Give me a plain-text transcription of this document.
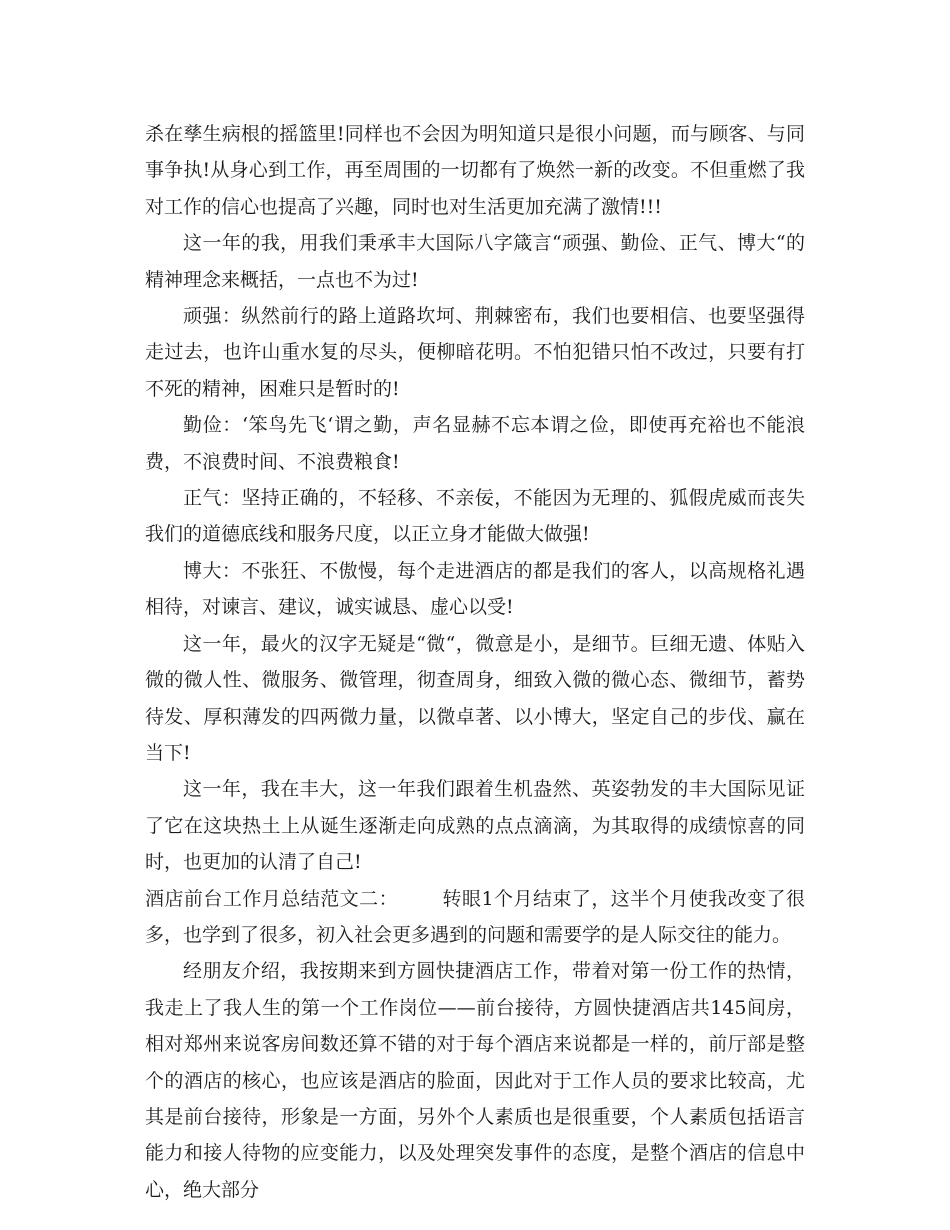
杀在孳生病根的摇篮里!同样也不会因为明知道只是很小问题，而与顾客、与同事争执!从身心到工作，再至周围的一切都有了焕然一新的改变。不但重燃了我对工作的信心也提高了兴趣，同时也对生活更加充满了激情!!!

这一年的我，用我们秉承丰大国际八字箴言“顽强、勤俭、正气、博大“的精神理念来概括，一点也不为过!

顽强：纵然前行的路上道路坎坷、荆棘密布，我们也要相信、也要坚强得走过去，也许山重水复的尽头，便柳暗花明。不怕犯错只怕不改过，只要有打不死的精神，困难只是暂时的!

勤俭：‘笨鸟先飞‘谓之勤，声名显赫不忘本谓之俭，即使再充裕也不能浪费，不浪费时间、不浪费粮食!

正气：坚持正确的，不轻移、不亲佞，不能因为无理的、狐假虎威而丧失我们的道德底线和服务尺度，以正立身才能做大做强!

博大：不张狂、不傲慢，每个走进酒店的都是我们的客人，以高规格礼遇相待，对谏言、建议，诚实诚恳、虚心以受!

这一年，最火的汉字无疑是“微“，微意是小，是细节。巨细无遗、体贴入微的微人性、微服务、微管理，彻查周身，细致入微的微心态、微细节，蓄势待发、厚积薄发的四两微力量，以微卓著、以小博大，坚定自己的步伐、赢在当下!

这一年，我在丰大，这一年我们跟着生机盎然、英姿勃发的丰大国际见证了它在这块热土上从诞生逐渐走向成熟的点点滴滴，为其取得的成绩惊喜的同时，也更加的认清了自己!

酒店前台工作月总结范文二： 转眼1个月结束了，这半个月使我改变了很多，也学到了很多，初入社会更多遇到的问题和需要学的是人际交往的能力。

经朋友介绍，我按期来到方圆快捷酒店工作，带着对第一份工作的热情，我走上了我人生的第一个工作岗位——前台接待，方圆快捷酒店共145间房，相对郑州来说客房间数还算不错的对于每个酒店来说都是一样的，前厅部是整个的酒店的核心，也应该是酒店的脸面，因此对于工作人员的要求比较高，尤其是前台接待，形象是一方面，另外个人素质也是很重要，个人素质包括语言能力和接人待物的应变能力，以及处理突发事件的态度，是整个酒店的信息中心，绝大部分
